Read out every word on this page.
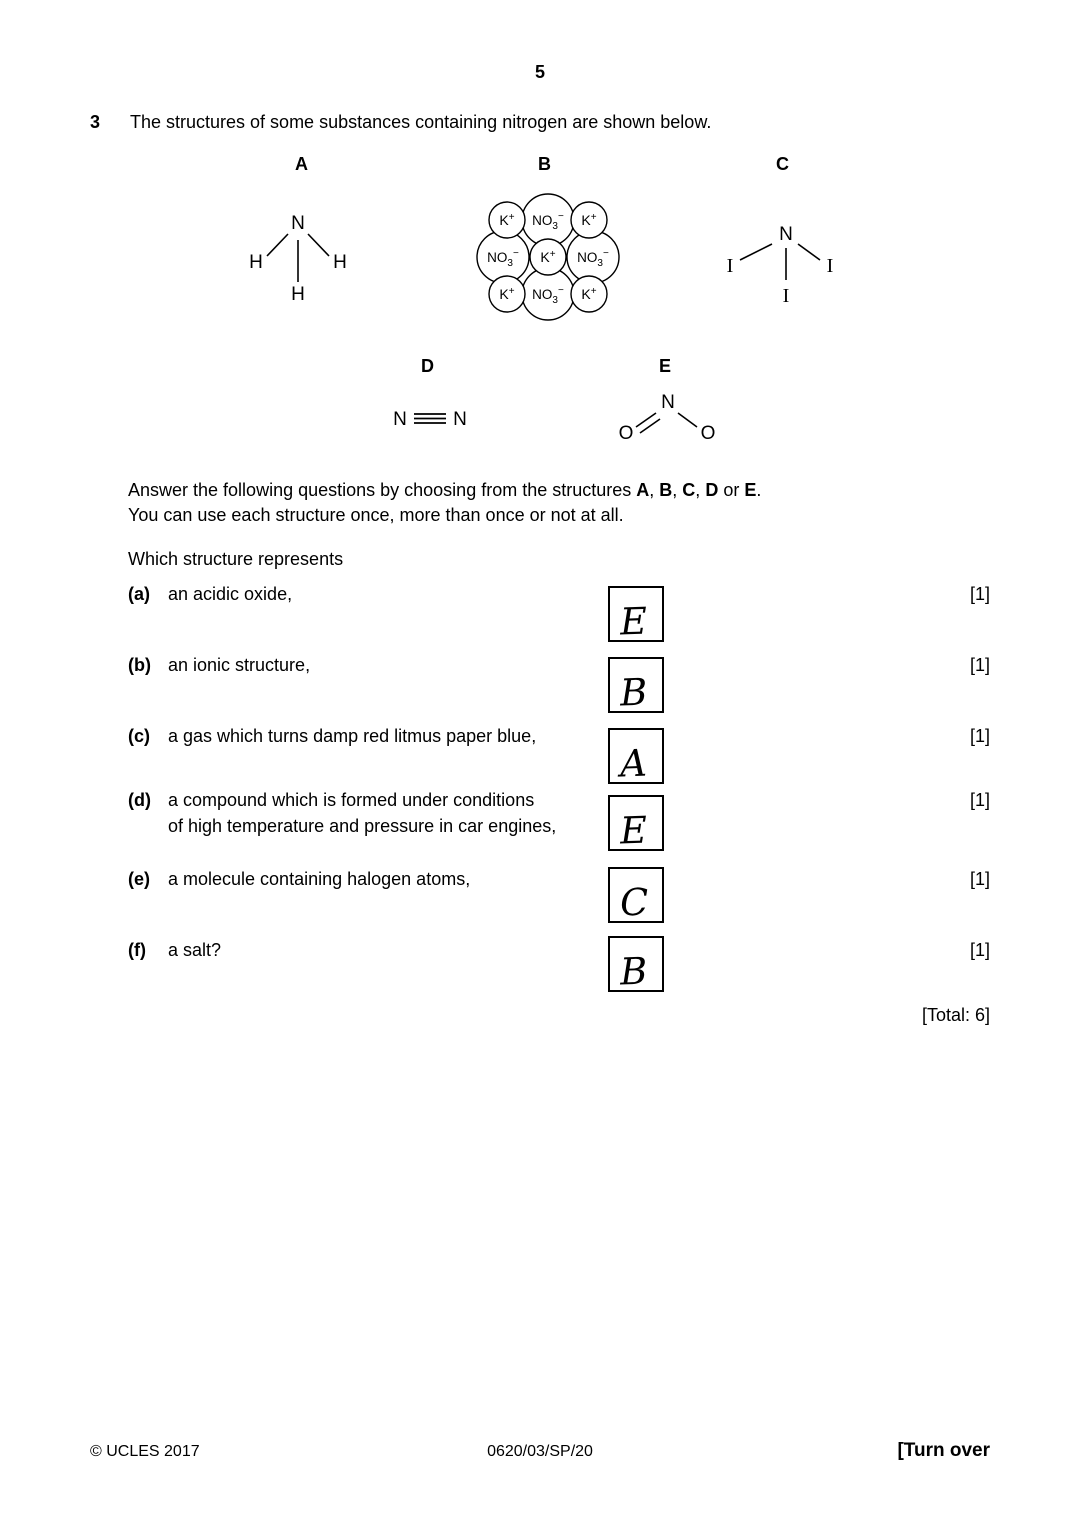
5
3 The structures of some substances containing nitrogen are shown below.
A	B	C
N
H
H
H
$NO_3^-$
$NO_3^-$	$NO_3^-$
$NO_3^-$
K+	K+
K+
K+	K+
N
I	I
I
D	E
N N
N
O	O

Answer the following questions by choosing from the structures A, B, C, D or E.

You can use each structure once, more than once or not at all.

Which structure represents

(a) an acidic oxide,
E
[1]
(b) an ionic structure,
B
[1]
(c) a gas which turns damp red litmus paper blue,
A
[1]
(d) a compound which is formed under conditions
of high temperature and pressure in car engines, E
[1]
(e) a molecule containing halogen atoms,
C
[1]
(f) a salt?	B	[1]
[Total: 6]
© UCLES 2017	0620/03/SP/20	[Turn over
